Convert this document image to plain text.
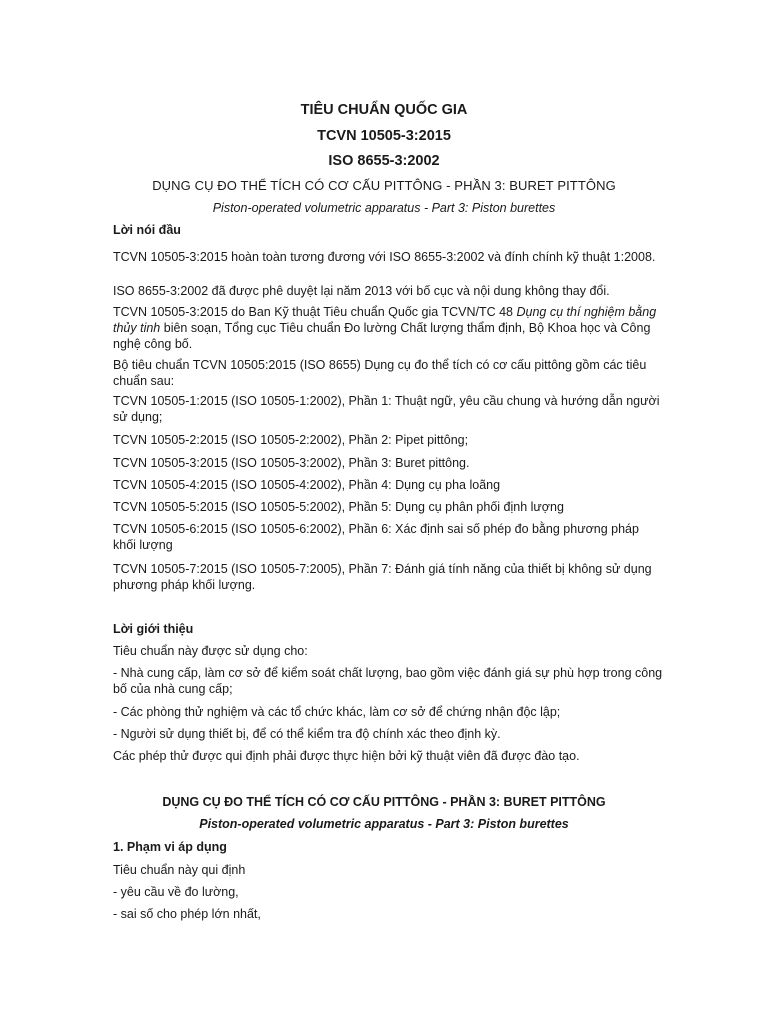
TIÊU CHUẨN QUỐC GIA
TCVN 10505-3:2015
ISO 8655-3:2002
DỤNG CỤ ĐO THỂ TÍCH CÓ CƠ CẤU PITTÔNG - PHẦN 3: BURET PITTÔNG
Piston-operated volumetric apparatus - Part 3: Piston burettes
Lời nói đầu
TCVN 10505-3:2015 hoàn toàn tương đương với ISO 8655-3:2002 và đính chính kỹ thuật 1:2008.
ISO 8655-3:2002 đã được phê duyệt lại năm 2013 với bố cục và nội dung không thay đổi.
TCVN 10505-3:2015 do Ban Kỹ thuật Tiêu chuẩn Quốc gia TCVN/TC 48 Dụng cụ thí nghiệm bằng thủy tinh biên soạn, Tổng cục Tiêu chuẩn Đo lường Chất lượng thẩm định, Bộ Khoa học và Công nghệ công bố.
Bộ tiêu chuẩn TCVN 10505:2015 (ISO 8655) Dụng cụ đo thể tích có cơ cấu pittông gồm các tiêu chuẩn sau:
TCVN 10505-1:2015 (ISO 10505-1:2002), Phần 1: Thuật ngữ, yêu cầu chung và hướng dẫn người sử dụng;
TCVN 10505-2:2015 (ISO 10505-2:2002), Phần 2: Pipet pittông;
TCVN 10505-3:2015 (ISO 10505-3:2002), Phần 3: Buret pittông.
TCVN 10505-4:2015 (ISO 10505-4:2002), Phần 4: Dụng cụ pha loãng
TCVN 10505-5:2015 (ISO 10505-5:2002), Phần 5: Dụng cụ phân phối định lượng
TCVN 10505-6:2015 (ISO 10505-6:2002), Phần 6: Xác định sai số phép đo bằng phương pháp khối lượng
TCVN 10505-7:2015 (ISO 10505-7:2005), Phần 7: Đánh giá tính năng của thiết bị không sử dụng phương pháp khối lượng.
Lời giới thiệu
Tiêu chuẩn này được sử dụng cho:
- Nhà cung cấp, làm cơ sở để kiểm soát chất lượng, bao gồm việc đánh giá sự phù hợp trong công bố của nhà cung cấp;
- Các phòng thử nghiệm và các tổ chức khác, làm cơ sở để chứng nhận độc lập;
- Người sử dụng thiết bị, để có thể kiểm tra độ chính xác theo định kỳ.
Các phép thử được qui định phải được thực hiện bởi kỹ thuật viên đã được đào tạo.
DỤNG CỤ ĐO THỂ TÍCH CÓ CƠ CẤU PITTÔNG - PHẦN 3: BURET PITTÔNG
Piston-operated volumetric apparatus - Part 3: Piston burettes
1. Phạm vi áp dụng
Tiêu chuẩn này qui định
- yêu cầu về đo lường,
- sai số cho phép lớn nhất,
